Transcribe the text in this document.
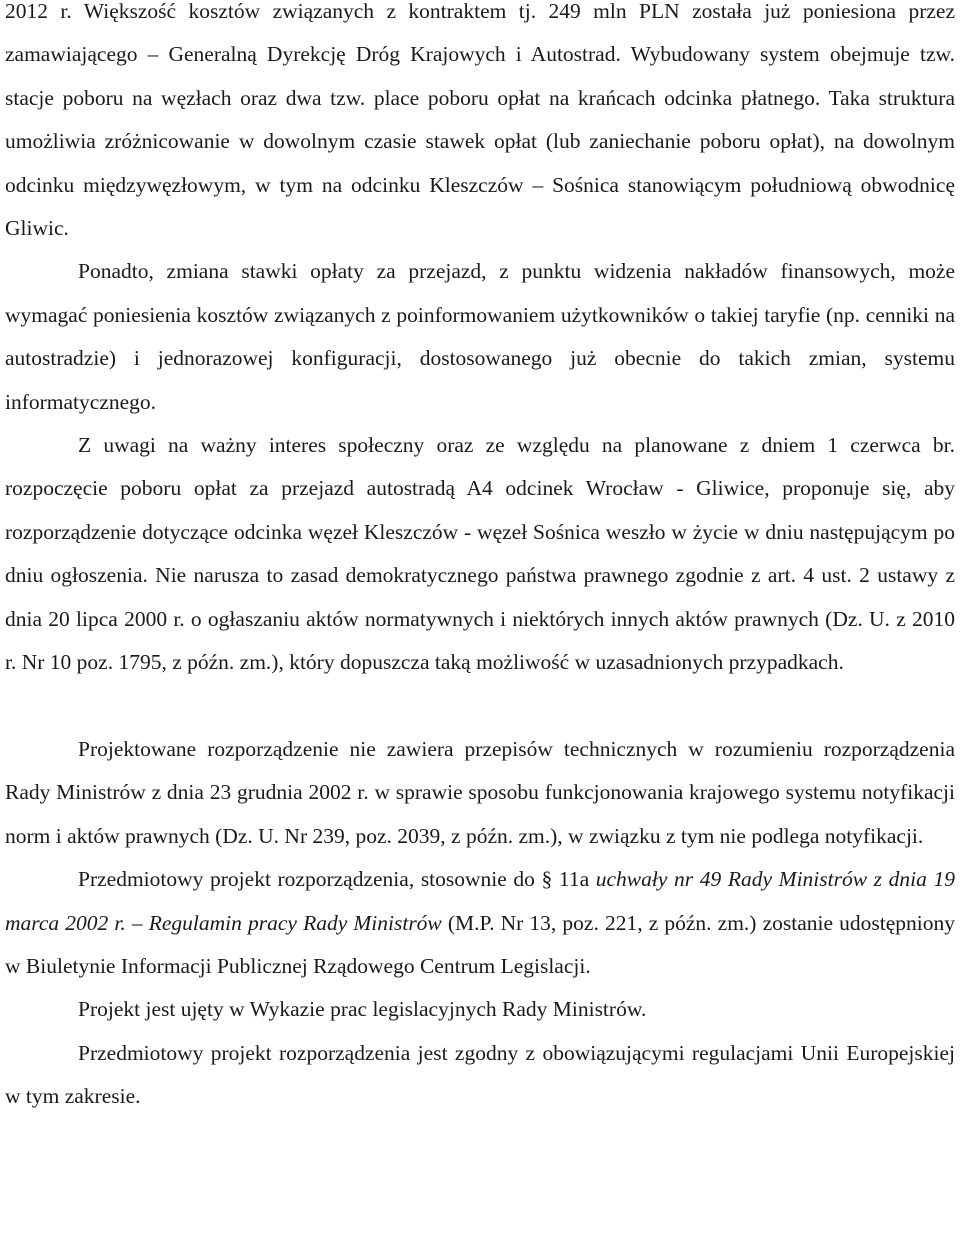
2012 r. Większość kosztów związanych z kontraktem tj. 249 mln PLN została już poniesiona przez zamawiającego – Generalną Dyrekcję Dróg Krajowych i Autostrad. Wybudowany system obejmuje tzw. stacje poboru na węzłach oraz dwa tzw. place poboru opłat na krańcach odcinka płatnego. Taka struktura umożliwia zróżnicowanie w dowolnym czasie stawek opłat (lub zaniechanie poboru opłat), na dowolnym odcinku międzywęzłowym, w tym na odcinku Kleszczów – Sośnica stanowiącym południową obwodnicę Gliwic.

Ponadto, zmiana stawki opłaty za przejazd, z punktu widzenia nakładów finansowych, może wymagać poniesienia kosztów związanych z poinformowaniem użytkowników o takiej taryfie (np. cenniki na autostradzie) i jednorazowej konfiguracji, dostosowanego już obecnie do takich zmian, systemu informatycznego.

Z uwagi na ważny interes społeczny oraz ze względu na planowane z dniem 1 czerwca br. rozpoczęcie poboru opłat za przejazd autostradą A4 odcinek Wrocław - Gliwice, proponuje się, aby rozporządzenie dotyczące odcinka węzeł Kleszczów - węzeł Sośnica weszło w życie w dniu następującym po dniu ogłoszenia. Nie narusza to zasad demokratycznego państwa prawnego zgodnie z art. 4 ust. 2 ustawy z dnia 20 lipca 2000 r. o ogłaszaniu aktów normatywnych i niektórych innych aktów prawnych (Dz. U. z 2010 r. Nr 10 poz. 1795, z późn. zm.), który dopuszcza taką możliwość w uzasadnionych przypadkach.

Projektowane rozporządzenie nie zawiera przepisów technicznych w rozumieniu rozporządzenia Rady Ministrów z dnia 23 grudnia 2002 r. w sprawie sposobu funkcjonowania krajowego systemu notyfikacji norm i aktów prawnych (Dz. U. Nr 239, poz. 2039, z późn. zm.), w związku z tym nie podlega notyfikacji.

Przedmiotowy projekt rozporządzenia, stosownie do § 11a uchwały nr 49 Rady Ministrów z dnia 19 marca 2002 r. – Regulamin pracy Rady Ministrów (M.P. Nr 13, poz. 221, z późn. zm.) zostanie udostępniony w Biuletynie Informacji Publicznej Rządowego Centrum Legislacji.

Projekt jest ujęty w Wykazie prac legislacyjnych Rady Ministrów.

Przedmiotowy projekt rozporządzenia jest zgodny z obowiązującymi regulacjami Unii Europejskiej w tym zakresie.
